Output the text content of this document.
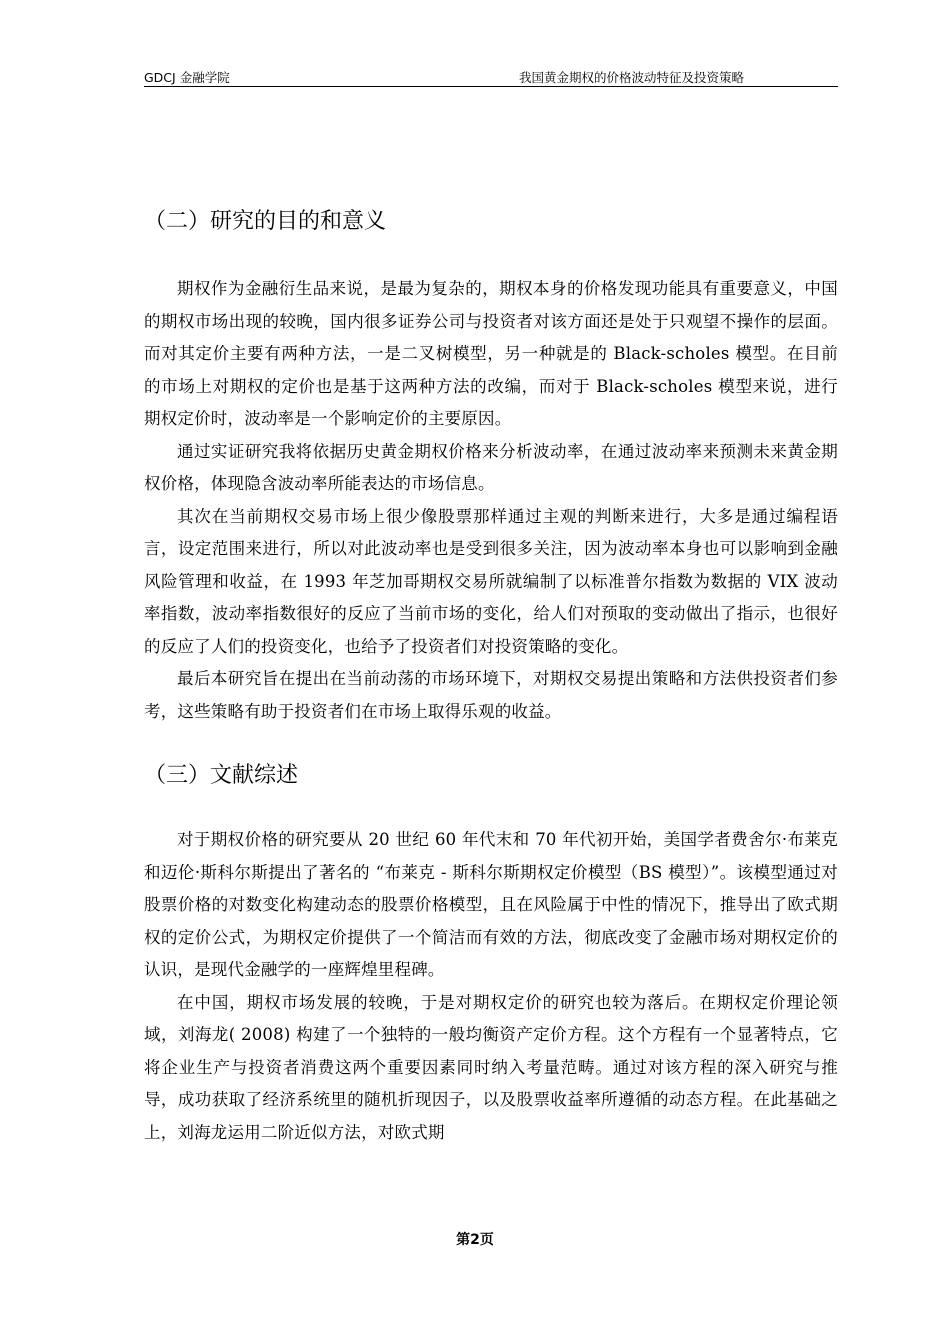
GDCJ 金融学院	我国黄金期权的价格波动特征及投资策略
（二）研究的目的和意义

期权作为金融衍生品来说，是最为复杂的，期权本身的价格发现功能具有重要意义，中国的期权市场出现的较晚，国内很多证券公司与投资者对该方面还是处于只观望不操作的层面。而对其定价主要有两种方法，一是二叉树模型，另一种就是的 Black-scholes 模型。在目前的市场上对期权的定价也是基于这两种方法的改编，而对于 Black-scholes 模型来说，进行期权定价时，波动率是一个影响定价的主要原因。

通过实证研究我将依据历史黄金期权价格来分析波动率，在通过波动率来预测未来黄金期权价格，体现隐含波动率所能表达的市场信息。

其次在当前期权交易市场上很少像股票那样通过主观的判断来进行，大多是通过编程语言，设定范围来进行，所以对此波动率也是受到很多关注，因为波动率本身也可以影响到金融风险管理和收益，在 1993 年芝加哥期权交易所就编制了以标准普尔指数为数据的 VIX 波动率指数，波动率指数很好的反应了当前市场的变化，给人们对预取的变动做出了指示，也很好的反应了人们的投资变化，也给予了投资者们对投资策略的变化。

最后本研究旨在提出在当前动荡的市场环境下，对期权交易提出策略和方法供投资者们参考，这些策略有助于投资者们在市场上取得乐观的收益。

（三）文献综述

对于期权价格的研究要从 20 世纪 60 年代末和 70 年代初开始，美国学者费舍尔·布莱克和迈伦·斯科尔斯提出了著名的 “布莱克 - 斯科尔斯期权定价模型（BS 模型）”。该模型通过对股票价格的对数变化构建动态的股票价格模型，且在风险属于中性的情况下，推导出了欧式期权的定价公式，为期权定价提供了一个简洁而有效的方法，彻底改变了金融市场对期权定价的认识，是现代金融学的一座辉煌里程碑。

在中国，期权市场发展的较晚，于是对期权定价的研究也较为落后。在期权定价理论领域，刘海龙( 2008) 构建了一个独特的一般均衡资产定价方程。这个方程有一个显著特点，它将企业生产与投资者消费这两个重要因素同时纳入考量范畴。通过对该方程的深入研究与推导，成功获取了经济系统里的随机折现因子，以及股票收益率所遵循的动态方程。在此基础之上，刘海龙运用二阶近似方法，对欧式期

第2页
